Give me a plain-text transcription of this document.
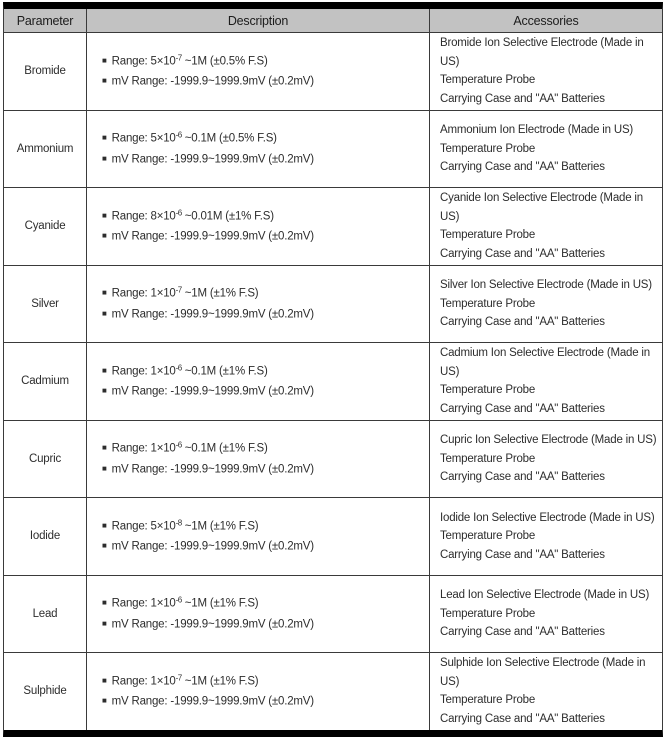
Parameter	Description	Accessories
Bromide
■ Range: $5\times 10^{-7}$ ~1M (±0.5% F.S)
■ mV Range: -1999.9~1999.9mV (±0.2mV)
Bromide Ion Selective Electrode (Made in US)
Temperature Probe
Carrying Case and "AA" Batteries
Ammonium
■ Range: $5\times 10^{-6}$ ~0.1M (±0.5% F.S)
■ mV Range: -1999.9~1999.9mV (±0.2mV)
Ammonium Ion Electrode (Made in US)
Temperature Probe
Carrying Case and "AA" Batteries
Cyanide
■ Range: $8\times 10^{-6}$ ~0.01M (±1% F.S)
■ mV Range: -1999.9~1999.9mV (±0.2mV)
Cyanide Ion Selective Electrode (Made in US)
Temperature Probe
Carrying Case and "AA" Batteries
Silver
■ Range: $1\times 10^{-7}$ ~1M (±1% F.S)
■ mV Range: -1999.9~1999.9mV (±0.2mV)
Silver Ion Selective Electrode (Made in US)
Temperature Probe
Carrying Case and "AA" Batteries
Cadmium
■ Range: $1\times 10^{-6}$ ~0.1M (±1% F.S)
■ mV Range: -1999.9~1999.9mV (±0.2mV)
Cadmium Ion Selective Electrode (Made in US)
Temperature Probe
Carrying Case and "AA" Batteries
Cupric
■ Range: $1\times 10^{-6}$ ~0.1M (±1% F.S)
■ mV Range: -1999.9~1999.9mV (±0.2mV)
Cupric Ion Selective Electrode (Made in US)
Temperature Probe
Carrying Case and "AA" Batteries
Iodide
■ Range: $5\times 10^{-8}$ ~1M (±1% F.S)
■ mV Range: -1999.9~1999.9mV (±0.2mV)
Iodide Ion Selective Electrode (Made in US)
Temperature Probe
Carrying Case and "AA" Batteries
Lead
■ Range: $1\times 10^{-6}$ ~1M (±1% F.S)
■ mV Range: -1999.9~1999.9mV (±0.2mV)
Lead Ion Selective Electrode (Made in US)
Temperature Probe
Carrying Case and "AA" Batteries
Sulphide
■ Range: $1\times 10^{-7}$ ~1M (±1% F.S)
■ mV Range: -1999.9~1999.9mV (±0.2mV)
Sulphide Ion Selective Electrode (Made in US)
Temperature Probe
Carrying Case and "AA" Batteries
